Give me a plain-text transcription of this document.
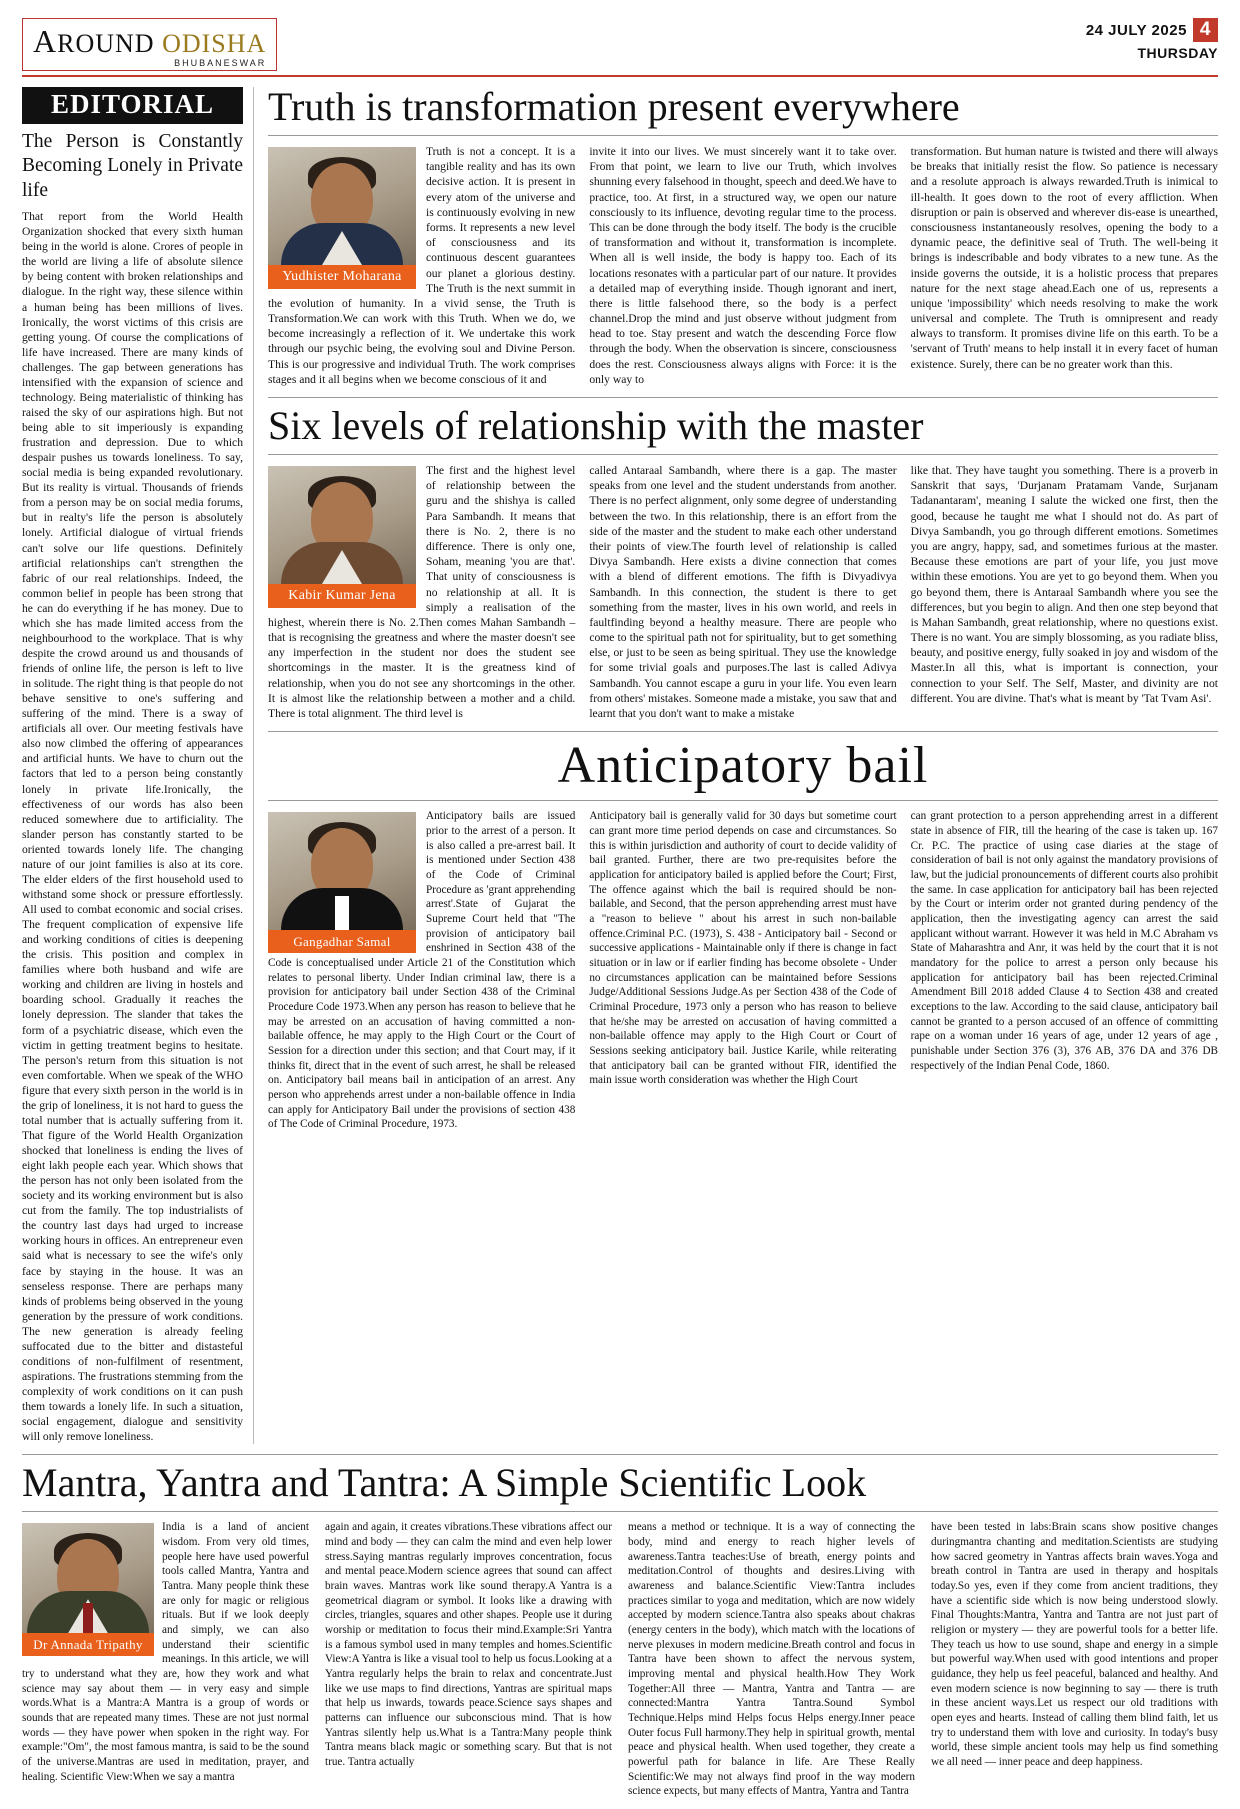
AROUND ODISHA
BHUBANESWAR
24 JULY 2025 4
THURSDAY
EDITORIAL
The Person is Constantly Becoming Lonely in Private life

That report from the World Health Organization shocked that every sixth human being in the world is alone. Crores of people in the world are living a life of absolute silence by being content with broken relationships and dialogue. In the right way, these silence within a human being has been millions of lives. Ironically, the worst victims of this crisis are getting young. Of course the complications of life have increased. There are many kinds of challenges. The gap between generations has intensified with the expansion of science and technology. Being materialistic of thinking has raised the sky of our aspirations high. But not being able to sit imperiously is expanding frustration and depression. Due to which despair pushes us towards loneliness. To say, social media is being expanded revolutionary. But its reality is virtual. Thousands of friends from a person may be on social media forums, but in realty's life the person is absolutely lonely. Artificial dialogue of virtual friends can't solve our life questions. Definitely artificial relationships can't strengthen the fabric of our real relationships. Indeed, the common belief in people has been strong that he can do everything if he has money. Due to which she has made limited access from the neighbourhood to the workplace. That is why despite the crowd around us and thousands of friends of online life, the person is left to live in solitude. The right thing is that people do not behave sensitive to one's suffering and suffering of the mind. There is a sway of artificials all over. Our meeting festivals have also now climbed the offering of appearances and artificial hunts. We have to churn out the factors that led to a person being constantly lonely in private life.Ironically, the effectiveness of our words has also been reduced somewhere due to artificiality. The slander person has constantly started to be oriented towards lonely life. The changing nature of our joint families is also at its core. The elder elders of the first household used to withstand some shock or pressure effortlessly. All used to combat economic and social crises. The frequent complication of expensive life and working conditions of cities is deepening the crisis. This position and complex in families where both husband and wife are working and children are living in hostels and boarding school. Gradually it reaches the lonely depression. The slander that takes the form of a psychiatric disease, which even the victim in getting treatment begins to hesitate. The person's return from this situation is not even comfortable. When we speak of the WHO figure that every sixth person in the world is in the grip of loneliness, it is not hard to guess the total number that is actually suffering from it. That figure of the World Health Organization shocked that loneliness is ending the lives of eight lakh people each year. Which shows that the person has not only been isolated from the society and its working environment but is also cut from the family. The top industrialists of the country last days had urged to increase working hours in offices. An entrepreneur even said what is necessary to see the wife's only face by staying in the house. It was an senseless response. There are perhaps many kinds of problems being observed in the young generation by the pressure of work conditions. The new generation is already feeling suffocated due to the bitter and distasteful conditions of non-fulfilment of resentment, aspirations. The frustrations stemming from the complexity of work conditions on it can push them towards a lonely life. In such a situation, social engagement, dialogue and sensitivity will only remove loneliness.

Truth is transformation present everywhere
Yudhister Moharana

Truth is not a concept. It is a tangible reality and has its own decisive action. It is present in every atom of the universe and is continuously evolving in new forms. It represents a new level of consciousness and its continuous descent guarantees our planet a glorious destiny. The Truth is the next summit in the evolution of humanity. In a vivid sense, the Truth is Transformation.We can work with this Truth. When we do, we become increasingly a reflection of it. We undertake this work through our psychic being, the evolving soul and Divine Person. This is our progressive and individual Truth. The work comprises stages and it all begins when we become conscious of it and

invite it into our lives. We must sincerely want it to take over. From that point, we learn to live our Truth, which involves shunning every falsehood in thought, speech and deed.We have to practice, too. At first, in a structured way, we open our nature consciously to its influence, devoting regular time to the process. This can be done through the body itself. The body is the crucible of transformation and without it, transformation is incomplete. When all is well inside, the body is happy too. Each of its locations resonates with a particular part of our nature. It provides a detailed map of everything inside. Though ignorant and inert, there is little falsehood there, so the body is a perfect channel.Drop the mind and just observe without judgment from head to toe. Stay present and watch the descending Force flow through the body. When the observation is sincere, consciousness does the rest. Consciousness always aligns with Force: it is the only way to

transformation. But human nature is twisted and there will always be breaks that initially resist the flow. So patience is necessary and a resolute approach is always rewarded.Truth is inimical to ill-health. It goes down to the root of every affliction. When disruption or pain is observed and wherever dis-ease is unearthed, consciousness instantaneously resolves, opening the body to a dynamic peace, the definitive seal of Truth. The well-being it brings is indescribable and body vibrates to a new tune. As the inside governs the outside, it is a holistic process that prepares nature for the next stage ahead.Each one of us, represents a unique 'impossibility' which needs resolving to make the work universal and complete. The Truth is omnipresent and ready always to transform. It promises divine life on this earth. To be a 'servant of Truth' means to help install it in every facet of human existence. Surely, there can be no greater work than this.

Six levels of relationship with the master
Kabir Kumar Jena

The first and the highest level of relationship between the guru and the shishya is called Para Sambandh. It means that there is No. 2, there is no difference. There is only one, Soham, meaning 'you are that'. That unity of consciousness is no relationship at all. It is simply a realisation of the highest, wherein there is No. 2.Then comes Mahan Sambandh – that is recognising the greatness and where the master doesn't see any imperfection in the student nor does the student see shortcomings in the master. It is the greatness kind of relationship, when you do not see any shortcomings in the other. It is almost like the relationship between a mother and a child. There is total alignment. The third level is

called Antaraal Sambandh, where there is a gap. The master speaks from one level and the student understands from another. There is no perfect alignment, only some degree of understanding between the two. In this relationship, there is an effort from the side of the master and the student to make each other understand their points of view.The fourth level of relationship is called Divya Sambandh. Here exists a divine connection that comes with a blend of different emotions. The fifth is Divyadivya Sambandh. In this connection, the student is there to get something from the master, lives in his own world, and reels in faultfinding beyond a healthy measure. There are people who come to the spiritual path not for spirituality, but to get something else, or just to be seen as being spiritual. They use the knowledge for some trivial goals and purposes.The last is called Adivya Sambandh. You cannot escape a guru in your life. You even learn from others' mistakes. Someone made a mistake, you saw that and learnt that you don't want to make a mistake

like that. They have taught you something. There is a proverb in Sanskrit that says, 'Durjanam Pratamam Vande, Surjanam Tadanantaram', meaning I salute the wicked one first, then the good, because he taught me what I should not do. As part of Divya Sambandh, you go through different emotions. Sometimes you are angry, happy, sad, and sometimes furious at the master. Because these emotions are part of your life, you just move within these emotions. You are yet to go beyond them. When you go beyond them, there is Antaraal Sambandh where you see the differences, but you begin to align. And then one step beyond that is Mahan Sambandh, great relationship, where no questions exist. There is no want. You are simply blossoming, as you radiate bliss, beauty, and positive energy, fully soaked in joy and wisdom of the Master.In all this, what is important is connection, your connection to your Self. The Self, Master, and divinity are not different. You are divine. That's what is meant by 'Tat Tvam Asi'.

Anticipatory bail
Gangadhar Samal

Anticipatory bails are issued prior to the arrest of a person. It is also called a pre-arrest bail. It is mentioned under Section 438 of the Code of Criminal Procedure as 'grant apprehending arrest'.State of Gujarat the Supreme Court held that "The provision of anticipatory bail enshrined in Section 438 of the Code is conceptualised under Article 21 of the Constitution which relates to personal liberty. Under Indian criminal law, there is a provision for anticipatory bail under Section 438 of the Criminal Procedure Code 1973.When any person has reason to believe that he may be arrested on an accusation of having committed a non-bailable offence, he may apply to the High Court or the Court of Session for a direction under this section; and that Court may, if it thinks fit, direct that in the event of such arrest, he shall be released on. Anticipatory bail means bail in anticipation of an arrest. Any person who apprehends arrest under a non-bailable offence in India can apply for Anticipatory Bail under the provisions of section 438 of The Code of Criminal Procedure, 1973.

Anticipatory bail is generally valid for 30 days but sometime court can grant more time period depends on case and circumstances. So this is within jurisdiction and authority of court to decide validity of bail granted. Further, there are two pre-requisites before the application for anticipatory bailed is applied before the Court; First, The offence against which the bail is required should be non-bailable, and Second, that the person apprehending arrest must have a "reason to believe " about his arrest in such non-bailable offence.Criminal P.C. (1973), S. 438 - Anticipatory bail - Second or successive applications - Maintainable only if there is change in fact situation or in law or if earlier finding has become obsolete - Under no circumstances application can be maintained before Sessions Judge/Additional Sessions Judge.As per Section 438 of the Code of Criminal Procedure, 1973 only a person who has reason to believe that he/she may be arrested on accusation of having committed a non-bailable offence may apply to the High Court or Court of Sessions seeking anticipatory bail. Justice Karile, while reiterating that anticipatory bail can be granted without FIR, identified the main issue worth consideration was whether the High Court

can grant protection to a person apprehending arrest in a different state in absence of FIR, till the hearing of the case is taken up. 167 Cr. P.C. The practice of using case diaries at the stage of consideration of bail is not only against the mandatory provisions of law, but the judicial pronouncements of different courts also prohibit the same. In case application for anticipatory bail has been rejected by the Court or interim order not granted during pendency of the application, then the investigating agency can arrest the said applicant without warrant. However it was held in M.C Abraham vs State of Maharashtra and Anr, it was held by the court that it is not mandatory for the police to arrest a person only because his application for anticipatory bail has been rejected.Criminal Amendment Bill 2018 added Clause 4 to Section 438 and created exceptions to the law. According to the said clause, anticipatory bail cannot be granted to a person accused of an offence of committing rape on a woman under 16 years of age, under 12 years of age , punishable under Section 376 (3), 376 AB, 376 DA and 376 DB respectively of the Indian Penal Code, 1860.

Mantra, Yantra and Tantra: A Simple Scientific Look
Dr Annada Tripathy

India is a land of ancient wisdom. From very old times, people here have used powerful tools called Mantra, Yantra and Tantra. Many people think these are only for magic or religious rituals. But if we look deeply and simply, we can also understand their scientific meanings. In this article, we will try to understand what they are, how they work and what science may say about them — in very easy and simple words.What is a Mantra:A Mantra is a group of words or sounds that are repeated many times. These are not just normal words — they have power when spoken in the right way. For example:"Om", the most famous mantra, is said to be the sound of the universe.Mantras are used in meditation, prayer, and healing. Scientific View:When we say a mantra

again and again, it creates vibrations.These vibrations affect our mind and body — they can calm the mind and even help lower stress.Saying mantras regularly improves concentration, focus and mental peace.Modern science agrees that sound can affect brain waves. Mantras work like sound therapy.A Yantra is a geometrical diagram or symbol. It looks like a drawing with circles, triangles, squares and other shapes. People use it during worship or meditation to focus their mind.Example:Sri Yantra is a famous symbol used in many temples and homes.Scientific View:A Yantra is like a visual tool to help us focus.Looking at a Yantra regularly helps the brain to relax and concentrate.Just like we use maps to find directions, Yantras are spiritual maps that help us inwards, towards peace.Science says shapes and patterns can influence our subconscious mind. That is how Yantras silently help us.What is a Tantra:Many people think Tantra means black magic or something scary. But that is not true. Tantra actually

means a method or technique. It is a way of connecting the body, mind and energy to reach higher levels of awareness.Tantra teaches:Use of breath, energy points and meditation.Control of thoughts and desires.Living with awareness and balance.Scientific View:Tantra includes practices similar to yoga and meditation, which are now widely accepted by modern science.Tantra also speaks about chakras (energy centers in the body), which match with the locations of nerve plexuses in modern medicine.Breath control and focus in Tantra have been shown to affect the nervous system, improving mental and physical health.How They Work Together:All three — Mantra, Yantra and Tantra — are connected:Mantra Yantra Tantra.Sound Symbol Technique.Helps mind Helps focus Helps energy.Inner peace Outer focus Full harmony.They help in spiritual growth, mental peace and physical health. When used together, they create a powerful path for balance in life. Are These Really Scientific:We may not always find proof in the way modern science expects, but many effects of Mantra, Yantra and Tantra

have been tested in labs:Brain scans show positive changes duringmantra chanting and meditation.Scientists are studying how sacred geometry in Yantras affects brain waves.Yoga and breath control in Tantra are used in therapy and hospitals today.So yes, even if they come from ancient traditions, they have a scientific side which is now being understood slowly. Final Thoughts:Mantra, Yantra and Tantra are not just part of religion or mystery — they are powerful tools for a better life. They teach us how to use sound, shape and energy in a simple but powerful way.When used with good intentions and proper guidance, they help us feel peaceful, balanced and healthy. And even modern science is now beginning to say — there is truth in these ancient ways.Let us respect our old traditions with open eyes and hearts. Instead of calling them blind faith, let us try to understand them with love and curiosity. In today's busy world, these simple ancient tools may help us find something we all need — inner peace and deep happiness.
